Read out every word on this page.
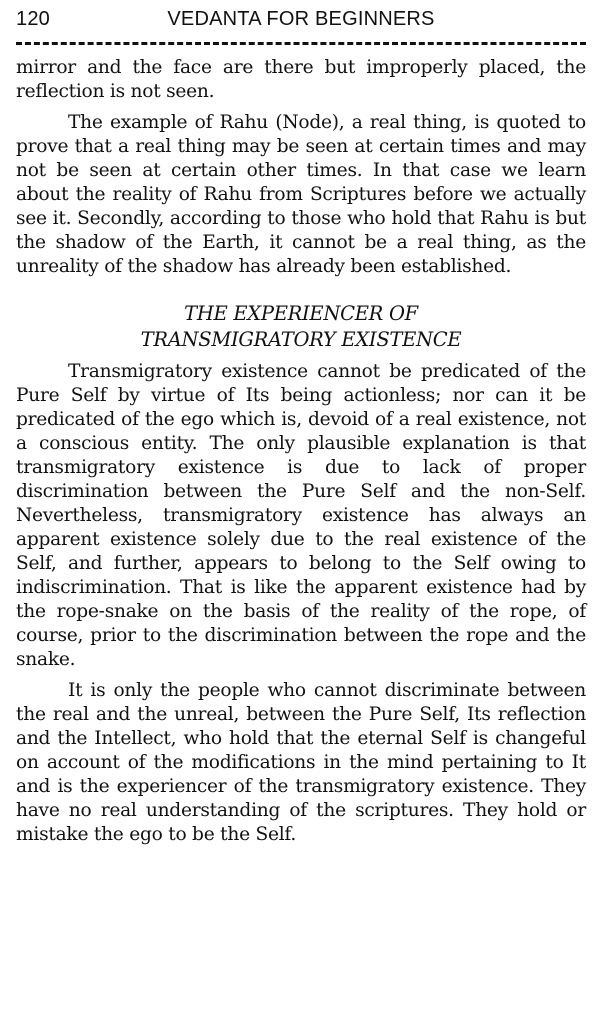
120	VEDANTA FOR BEGINNERS

mirror and the face are there but improperly placed, the reflection is not seen.

The example of Rahu (Node), a real thing, is quoted to prove that a real thing may be seen at certain times and may not be seen at certain other times. In that case we learn about the reality of Rahu from Scriptures before we actually see it. Secondly, according to those who hold that Rahu is but the shadow of the Earth, it cannot be a real thing, as the unreality of the shadow has already been established.

THE EXPERIENCER OF
TRANSMIGRATORY EXISTENCE

Transmigratory existence cannot be predicated of the Pure Self by virtue of Its being actionless; nor can it be predicated of the ego which is, devoid of a real existence, not a conscious entity. The only plausible explanation is that transmigratory existence is due to lack of proper discrimination between the Pure Self and the non-Self. Nevertheless, transmigratory existence has always an apparent existence solely due to the real existence of the Self, and further, appears to belong to the Self owing to indiscrimination. That is like the apparent existence had by the rope-snake on the basis of the reality of the rope, of course, prior to the discrimination between the rope and the snake.

It is only the people who cannot discriminate between the real and the unreal, between the Pure Self, Its reflection and the Intellect, who hold that the eternal Self is changeful on account of the modifications in the mind pertaining to It and is the experiencer of the transmigratory existence. They have no real understanding of the scriptures. They hold or mistake the ego to be the Self.
